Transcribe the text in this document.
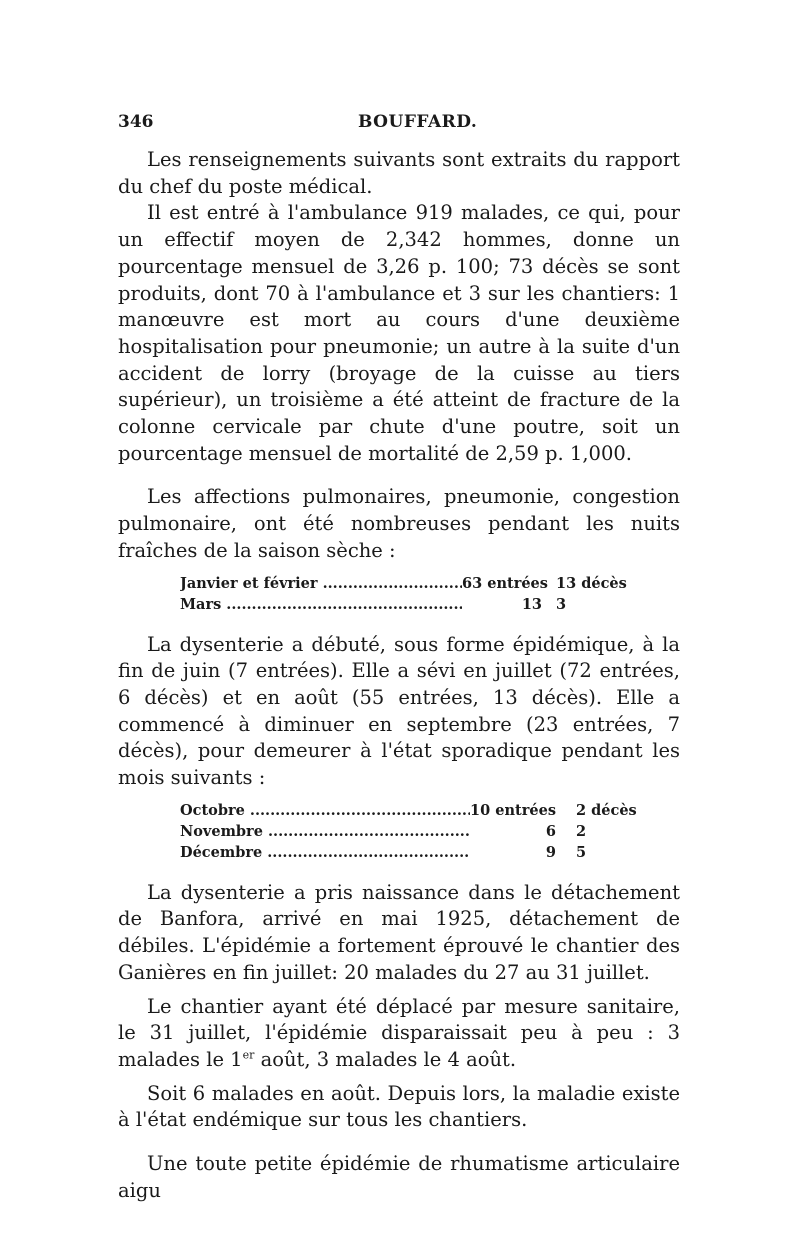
346	BOUFFARD.

Les renseignements suivants sont extraits du rapport du chef du poste médical.

Il est entré à l'ambulance 919 malades, ce qui, pour un effectif moyen de 2,342 hommes, donne un pourcentage mensuel de 3,26 p. 100; 73 décès se sont produits, dont 70 à l'ambulance et 3 sur les chantiers: 1 manœuvre est mort au cours d'une deuxième hospitalisation pour pneumonie; un autre à la suite d'un accident de lorry (broyage de la cuisse au tiers supérieur), un troisième a été atteint de fracture de la colonne cervicale par chute d'une poutre, soit un pourcentage mensuel de mortalité de 2,59 p. 1,000.

Les affections pulmonaires, pneumonie, congestion pulmonaire, ont été nombreuses pendant les nuits fraîches de la saison sèche :

Janvier et février .....	63 entrées 13 décès
Mars .....	13 3

La dysenterie a débuté, sous forme épidémique, à la fin de juin (7 entrées). Elle a sévi en juillet (72 entrées, 6 décès) et en août (55 entrées, 13 décès). Elle a commencé à diminuer en septembre (23 entrées, 7 décès), pour demeurer à l'état sporadique pendant les mois suivants :

Octobre .....	10 entrées	2 décès
Novembre .....	6	2
Décembre .....	9	5

La dysenterie a pris naissance dans le détachement de Banfora, arrivé en mai 1925, détachement de débiles. L'épidémie a fortement éprouvé le chantier des Ganières en fin juillet: 20 malades du 27 au 31 juillet.

Le chantier ayant été déplacé par mesure sanitaire, le 31 juillet, l'épidémie disparaissait peu à peu : 3 malades le 1er août, 3 malades le 4 août.

Soit 6 malades en août. Depuis lors, la maladie existe à l'état endémique sur tous les chantiers.

Une toute petite épidémie de rhumatisme articulaire aigu
